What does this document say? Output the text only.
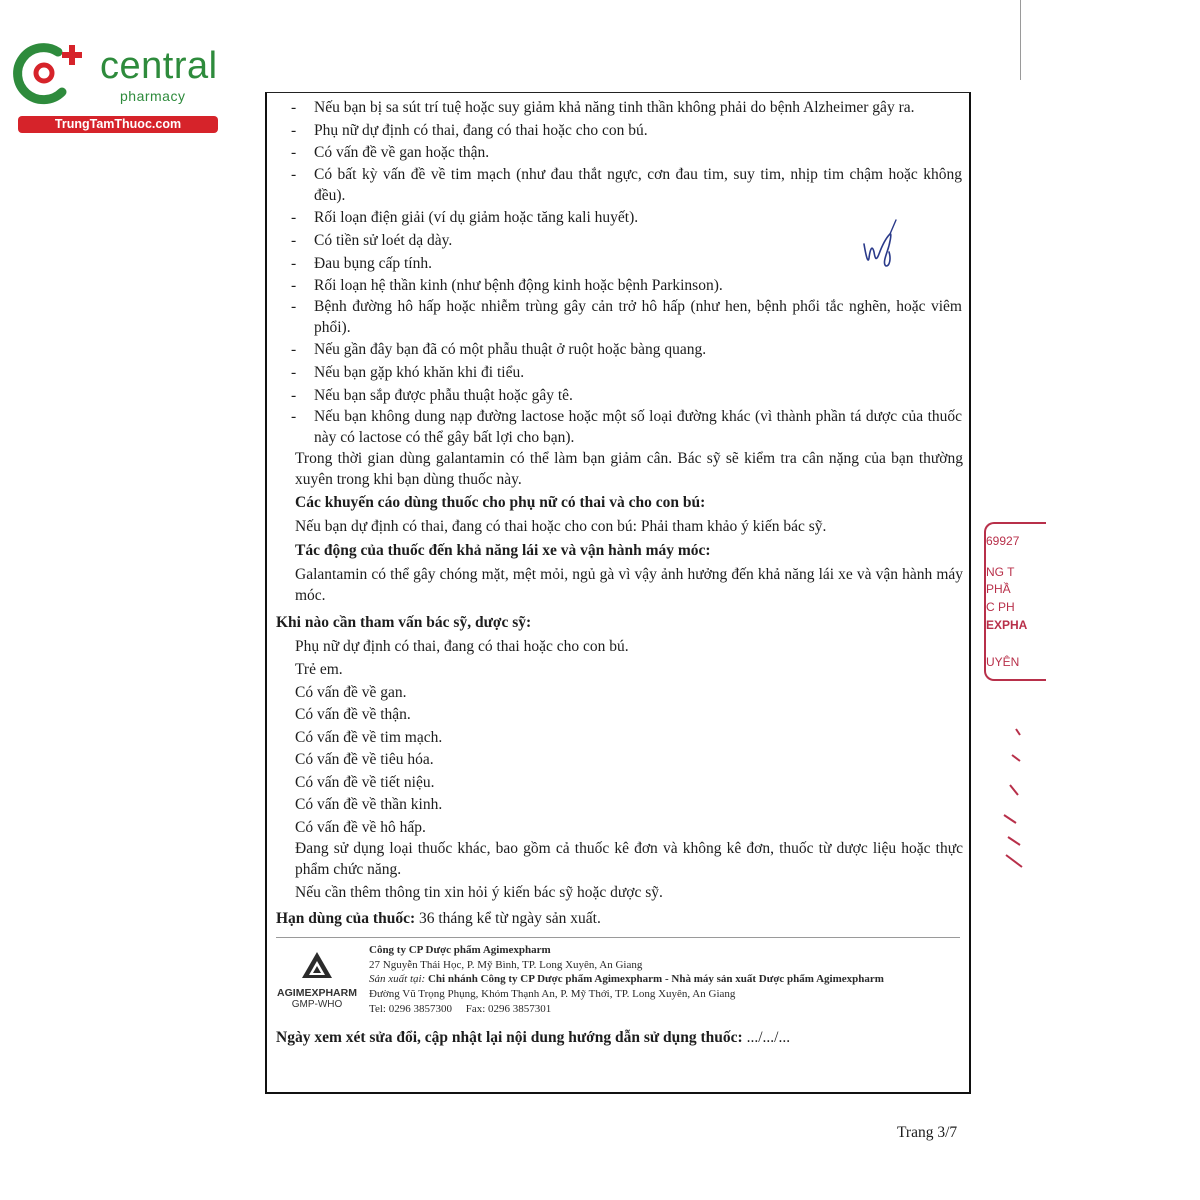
central
pharmacy
TrungTamThuoc.com
69927
NG T
PHẦ
C PH
EXPHA
UYÊN
- Nếu bạn bị sa sút trí tuệ hoặc suy giảm khả năng tinh thần không phải do bệnh Alzheimer gây ra.
- Phụ nữ dự định có thai, đang có thai hoặc cho con bú.
- Có vấn đề về gan hoặc thận.
- Có bất kỳ vấn đề về tim mạch (như đau thắt ngực, cơn đau tim, suy tim, nhịp tim chậm hoặc không đều).
- Rối loạn điện giải (ví dụ giảm hoặc tăng kali huyết).
- Có tiền sử loét dạ dày.
- Đau bụng cấp tính.
- Rối loạn hệ thần kinh (như bệnh động kinh hoặc bệnh Parkinson).
- Bệnh đường hô hấp hoặc nhiễm trùng gây cản trở hô hấp (như hen, bệnh phổi tắc nghẽn, hoặc viêm phổi).
- Nếu gần đây bạn đã có một phẫu thuật ở ruột hoặc bàng quang.
- Nếu bạn gặp khó khăn khi đi tiểu.
- Nếu bạn sắp được phẫu thuật hoặc gây tê.
- Nếu bạn không dung nạp đường lactose hoặc một số loại đường khác (vì thành phần tá dược của thuốc này có lactose có thể gây bất lợi cho bạn).
Trong thời gian dùng galantamin có thể làm bạn giảm cân. Bác sỹ sẽ kiểm tra cân nặng của bạn thường xuyên trong khi bạn dùng thuốc này.
Các khuyến cáo dùng thuốc cho phụ nữ có thai và cho con bú:
Nếu bạn dự định có thai, đang có thai hoặc cho con bú: Phải tham khảo ý kiến bác sỹ.
Tác động của thuốc đến khả năng lái xe và vận hành máy móc:
Galantamin có thể gây chóng mặt, mệt mỏi, ngủ gà vì vậy ảnh hưởng đến khả năng lái xe và vận hành máy móc.
Khi nào cần tham vấn bác sỹ, dược sỹ:
Phụ nữ dự định có thai, đang có thai hoặc cho con bú.
Trẻ em.
Có vấn đề về gan.
Có vấn đề về thận.
Có vấn đề về tim mạch.
Có vấn đề về tiêu hóa.
Có vấn đề về tiết niệu.
Có vấn đề về thần kinh.
Có vấn đề về hô hấp.
Đang sử dụng loại thuốc khác, bao gồm cả thuốc kê đơn và không kê đơn, thuốc từ dược liệu hoặc thực phẩm chức năng.
Nếu cần thêm thông tin xin hỏi ý kiến bác sỹ hoặc dược sỹ.
Hạn dùng của thuốc: 36 tháng kể từ ngày sản xuất.
AGIMEXPHARM
GMP-WHO
Công ty CP Dược phẩm Agimexpharm
27 Nguyễn Thái Học, P. Mỹ Bình, TP. Long Xuyên, An Giang
Sản xuất tại: Chi nhánh Công ty CP Dược phẩm Agimexpharm - Nhà máy sản xuất Dược phẩm Agimexpharm
Đường Vũ Trọng Phụng, Khóm Thạnh An, P. Mỹ Thới, TP. Long Xuyên, An Giang
Tel: 0296 3857300     Fax: 0296 3857301
Ngày xem xét sửa đổi, cập nhật lại nội dung hướng dẫn sử dụng thuốc: .../.../...
Trang 3/7
